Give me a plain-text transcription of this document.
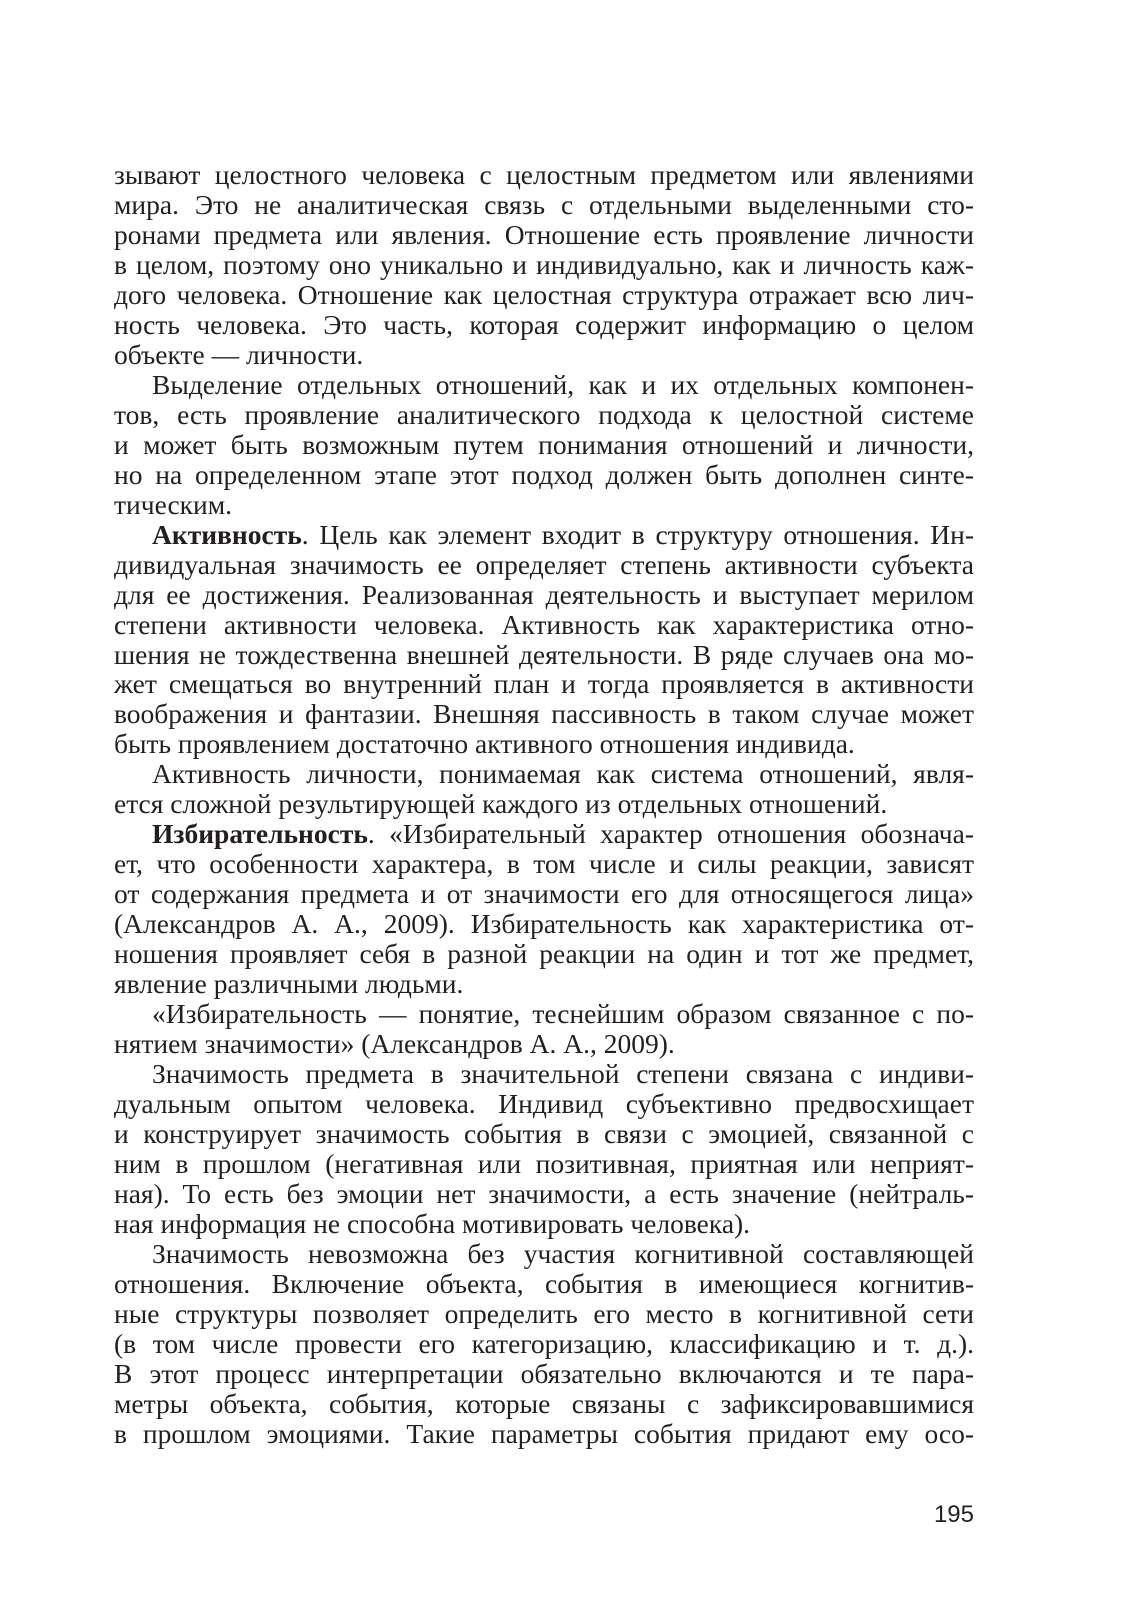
зывают целостного человека с целостным предметом или явлениями
мира. Это не аналитическая связь с отдельными выделенными сто-
ронами предмета или явления. Отношение есть проявление личности
в целом, поэтому оно уникально и индивидуально, как и личность каж-
дого человека. Отношение как целостная структура отражает всю лич-
ность человека. Это часть, которая содержит информацию о целом
объекте — личности.
Выделение отдельных отношений, как и их отдельных компонен-
тов, есть проявление аналитического подхода к целостной системе
и может быть возможным путем понимания отношений и личности,
но на определенном этапе этот подход должен быть дополнен синте-
тическим.
Активность. Цель как элемент входит в структуру отношения. Ин-
дивидуальная значимость ее определяет степень активности субъекта
для ее достижения. Реализованная деятельность и выступает мерилом
степени активности человека. Активность как характеристика отно-
шения не тождественна внешней деятельности. В ряде случаев она мо-
жет смещаться во внутренний план и тогда проявляется в активности
воображения и фантазии. Внешняя пассивность в таком случае может
быть проявлением достаточно активного отношения индивида.
Активность личности, понимаемая как система отношений, явля-
ется сложной результирующей каждого из отдельных отношений.
Избирательность. «Избирательный характер отношения обознача-
ет, что особенности характера, в том числе и силы реакции, зависят
от содержания предмета и от значимости его для относящегося лица»
(Александров А. А., 2009). Избирательность как характеристика от-
ношения проявляет себя в разной реакции на один и тот же предмет,
явление различными людьми.
«Избирательность — понятие, теснейшим образом связанное с по-
нятием значимости» (Александров А. А., 2009).
Значимость предмета в значительной степени связана с индиви-
дуальным опытом человека. Индивид субъективно предвосхищает
и конструирует значимость события в связи с эмоцией, связанной с
ним в прошлом (негативная или позитивная, приятная или неприят-
ная). То есть без эмоции нет значимости, а есть значение (нейтраль-
ная информация не способна мотивировать человека).
Значимость невозможна без участия когнитивной составляющей
отношения. Включение объекта, события в имеющиеся когнитив-
ные структуры позволяет определить его место в когнитивной сети
(в том числе провести его категоризацию, классификацию и т. д.).
В этот процесс интерпретации обязательно включаются и те пара-
метры объекта, события, которые связаны с зафиксировавшимися
в прошлом эмоциями. Такие параметры события придают ему осо-
195
